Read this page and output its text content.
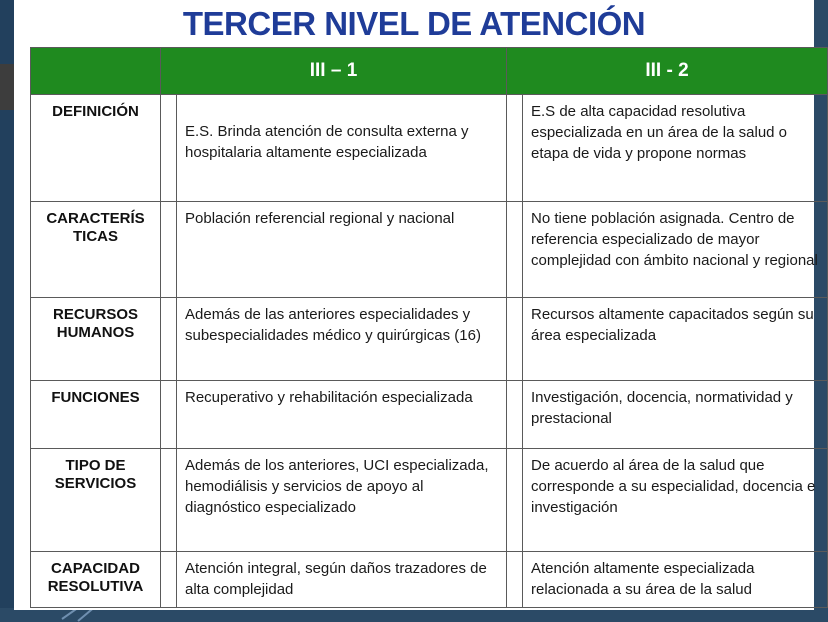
TERCER NIVEL DE ATENCIÓN
	III – 1		III - 2	
DEFINICIÓN		E.S. Brinda atención de consulta externa y hospitalaria altamente especializada		E.S de alta capacidad resolutiva especializada en un área de la salud o etapa de vida y propone normas
CARACTERÍS
TICAS		Población referencial regional y nacional		No tiene población asignada. Centro de referencia especializado de mayor complejidad con ámbito nacional y regional
RECURSOS
HUMANOS		Además de las anteriores especialidades y subespecialidades médico y quirúrgicas (16)		Recursos altamente capacitados según su área especializada
FUNCIONES		Recuperativo y rehabilitación especializada		Investigación, docencia, normatividad y prestacional
TIPO DE
SERVICIOS		Además de los anteriores, UCI especializada, hemodiálisis y servicios de apoyo al diagnóstico especializado		De acuerdo al área de la salud que corresponde a su especialidad, docencia e investigación
CAPACIDAD
RESOLUTIVA		Atención integral, según daños trazadores de alta complejidad		Atención altamente especializada relacionada a su área de la salud
